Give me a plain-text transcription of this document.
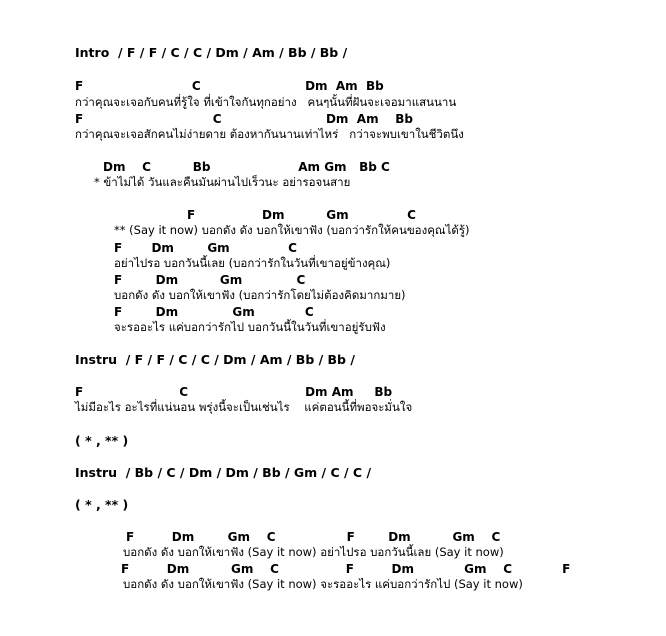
Intro  / F / F / C / C / Dm / Am / Bb / Bb /
F                          C                         Dm  Am  Bb
กว่าคุณจะเจอกับคนที่รู้ใจ ที่เข้าใจกันทุกอย่าง   คนๆนั้นที่ฝันจะเจอมาแสนนาน
F                               C                         Dm  Am    Bb
กว่าคุณจะเจอสักคนไม่ง่ายดาย ต้องหากันนานเท่าไหร่   กว่าจะพบเขาในชีวิตนึง
Dm    C          Bb                     Am Gm   Bb C
* ข้าไม่ได้ วันและคืนมันผ่านไปเร็วนะ อย่ารอจนสาย
F                Dm          Gm              C
** (Say it now) บอกดัง ดัง บอกให้เขาฟัง (บอกว่ารักให้คนของคุณได้รู้)
F       Dm        Gm              C
อย่าไปรอ บอกวันนี้เลย (บอกว่ารักในวันที่เขาอยู่ข้างคุณ)
F        Dm          Gm             C
บอกดัง ดัง บอกให้เขาฟัง (บอกว่ารักโดยไม่ต้องคิดมากมาย)
F        Dm             Gm            C
จะรออะไร แค่บอกว่ารักไป บอกวันนี้ในวันที่เขาอยู่รับฟัง
Instru  / F / F / C / C / Dm / Am / Bb / Bb /
F                       C                            Dm Am     Bb
ไม่มีอะไร อะไรที่แน่นอน พรุ่งนี้จะเป็นเช่นไร    แค่ตอนนี้ที่พอจะมั่นใจ
( * , ** )
Instru  / Bb / C / Dm / Dm / Bb / Gm / C / C /
( * , ** )
F         Dm        Gm    C                 F        Dm          Gm    C
บอกดัง ดัง บอกให้เขาฟัง (Say it now) อย่าไปรอ บอกวันนี้เลย (Say it now)
F         Dm          Gm    C                F         Dm            Gm    C            F
บอกดัง ดัง บอกให้เขาฟัง (Say it now) จะรออะไร แค่บอกว่ารักไป (Say it now)
